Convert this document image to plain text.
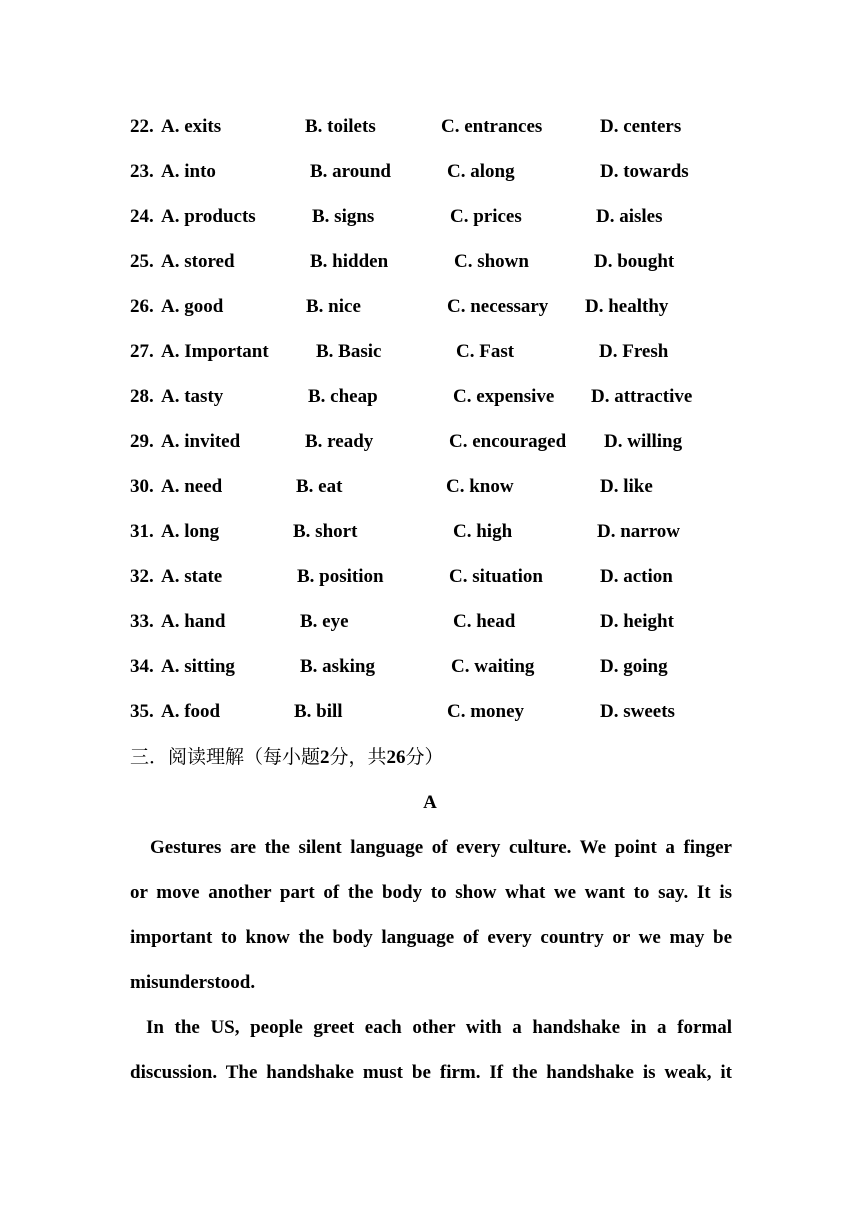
22. A. exits	B. toilets	C. entrances	D. centers
23. A. into	B. around	C. along	D. towards
24. A. products	B. signs	C. prices	D. aisles
25. A. stored	B. hidden	C. shown	D. bought
26. A. good	B. nice	C. necessary D. healthy
27. A. Important B. Basic	C. Fast	D. Fresh
28. A. tasty	B. cheap	C. expensive D. attractive
29. A. invited	B. ready	C. encouraged D. willing
30. A. need	B. eat	C. know	D. like
31. A. long	B. short	C. high	D. narrow
32. A. state	B. position	C. situation	D. action
33. A. hand	B. eye	C. head	D. height
34. A. sitting	B. asking	C. waiting	D. going
35. A. food	B. bill	C. money	D. sweets
三．阅读理解（每小题2分，共26分）
A
Gestures are the silent language of every culture. We point a finger
or move another part of the body to show what we want to say. It is
important to know the body language of every country or we may be
misunderstood.
In the US, people greet each other with a handshake in a formal
discussion. The handshake must be firm. If the handshake is weak, it
